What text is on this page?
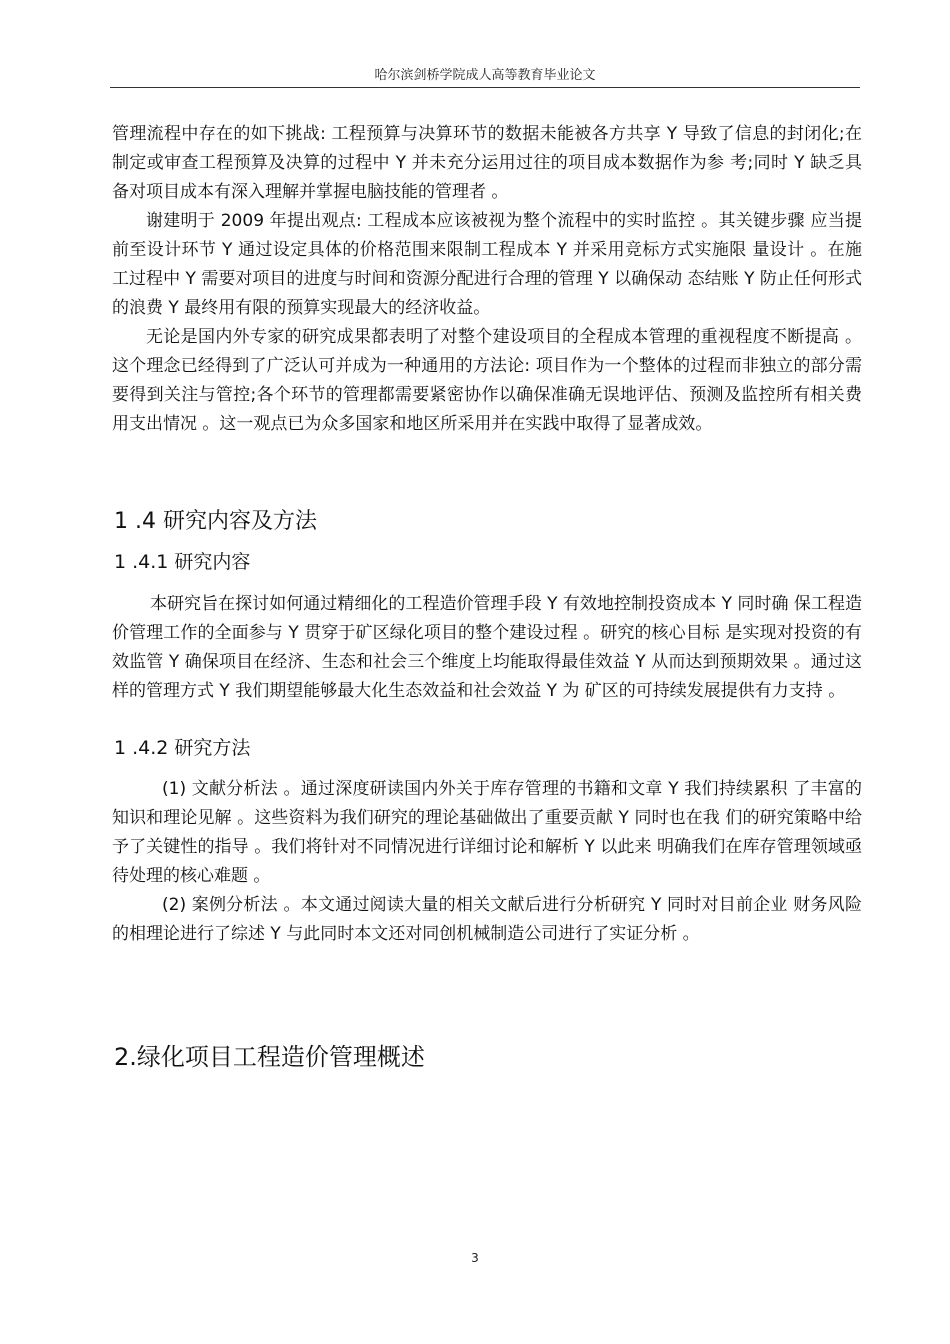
哈尔滨剑桥学院成人高等教育毕业论文

管理流程中存在的如下挑战: 工程预算与决算环节的数据未能被各方共享 Y 导致了信息的封闭化;在制定或审查工程预算及决算的过程中 Y 并未充分运用过往的项目成本数据作为参 考;同时 Y 缺乏具备对项目成本有深入理解并掌握电脑技能的管理者 。

谢建明于 2009 年提出观点: 工程成本应该被视为整个流程中的实时监控 。其关键步骤 应当提前至设计环节 Y 通过设定具体的价格范围来限制工程成本 Y 并采用竞标方式实施限 量设计 。在施工过程中 Y 需要对项目的进度与时间和资源分配进行合理的管理 Y 以确保动 态结账 Y 防止任何形式的浪费 Y 最终用有限的预算实现最大的经济收益。

无论是国内外专家的研究成果都表明了对整个建设项目的全程成本管理的重视程度不断提高 。这个理念已经得到了广泛认可并成为一种通用的方法论: 项目作为一个整体的过程而非独立的部分需要得到关注与管控;各个环节的管理都需要紧密协作以确保准确无误地评估、预测及监控所有相关费用支出情况 。这一观点已为众多国家和地区所采用并在实践中取得了显著成效。

1 .4 研究内容及方法
1 .4.1 研究内容

本研究旨在探讨如何通过精细化的工程造价管理手段 Y 有效地控制投资成本 Y 同时确 保工程造价管理工作的全面参与 Y 贯穿于矿区绿化项目的整个建设过程 。研究的核心目标 是实现对投资的有效监管 Y 确保项目在经济、生态和社会三个维度上均能取得最佳效益 Y 从而达到预期效果 。通过这样的管理方式 Y 我们期望能够最大化生态效益和社会效益 Y 为 矿区的可持续发展提供有力支持 。

1 .4.2 研究方法

(1) 文献分析法 。通过深度研读国内外关于库存管理的书籍和文章 Y 我们持续累积 了丰富的知识和理论见解 。这些资料为我们研究的理论基础做出了重要贡献 Y 同时也在我 们的研究策略中给予了关键性的指导 。我们将针对不同情况进行详细讨论和解析 Y 以此来 明确我们在库存管理领域亟待处理的核心难题 。

(2) 案例分析法 。本文通过阅读大量的相关文献后进行分析研究 Y 同时对目前企业 财务风险的相理论进行了综述 Y 与此同时本文还对同创机械制造公司进行了实证分析 。

2.绿化项目工程造价管理概述
3
